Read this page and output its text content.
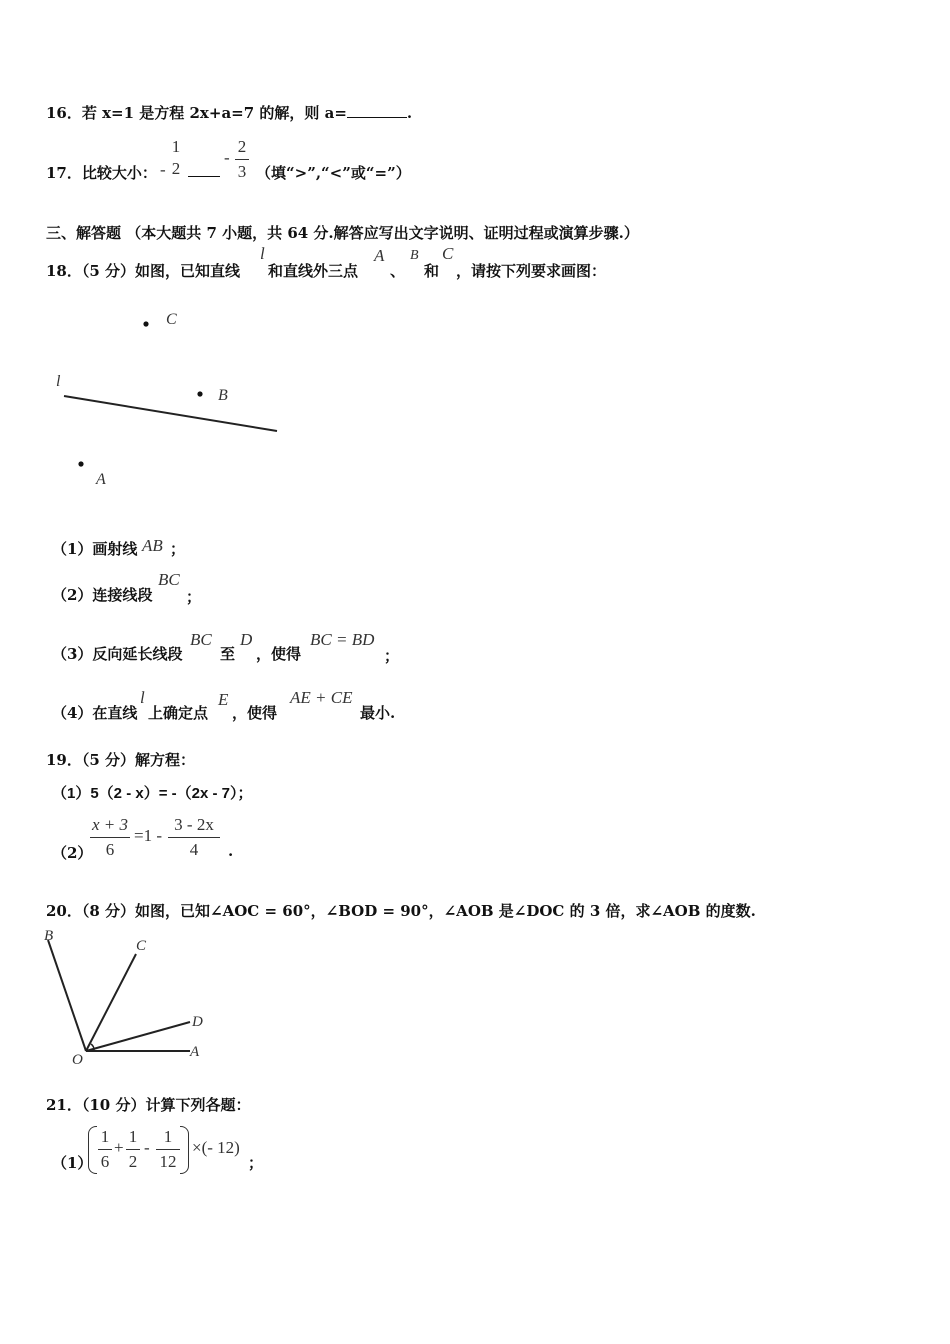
16．若 x=1 是方程 2x+a=7 的解，则 a=	.
17．比较大小： -
1
2
-
2
3 （填“>”,“<”或“=”）
三、解答题 （本大题共 7 小题，共 64 分.解答应写出文字说明、证明过程或演算步骤.）
18．（5 分）如图，已知直线
l
和直线外三点
A
、
B
和
C
，请按下列要求画图：
C
l
B
A
（1）画射线 AB ；
（2）连接线段
BC
；
（3）反向延长线段
BC
至
D
，使得
BC = BD
；
（4）在直线
l
上确定点
E
，使得
AE + CE
最小.
19．（5 分）解方程：
（1）5（2 - x）= -（2x - 7）；
（2）
x + 3
6
=1 -
3 - 2x
4	.
20．（8 分）如图，已知∠AOC = 60°，∠BOD = 90°，∠AOB 是∠DOC 的 3 倍，求∠AOB 的度数.
B
C
D
O	A
21．（10 分）计算下列各题：
（1）
1
6
+
1
2
-
1
12
×(- 12)
；
